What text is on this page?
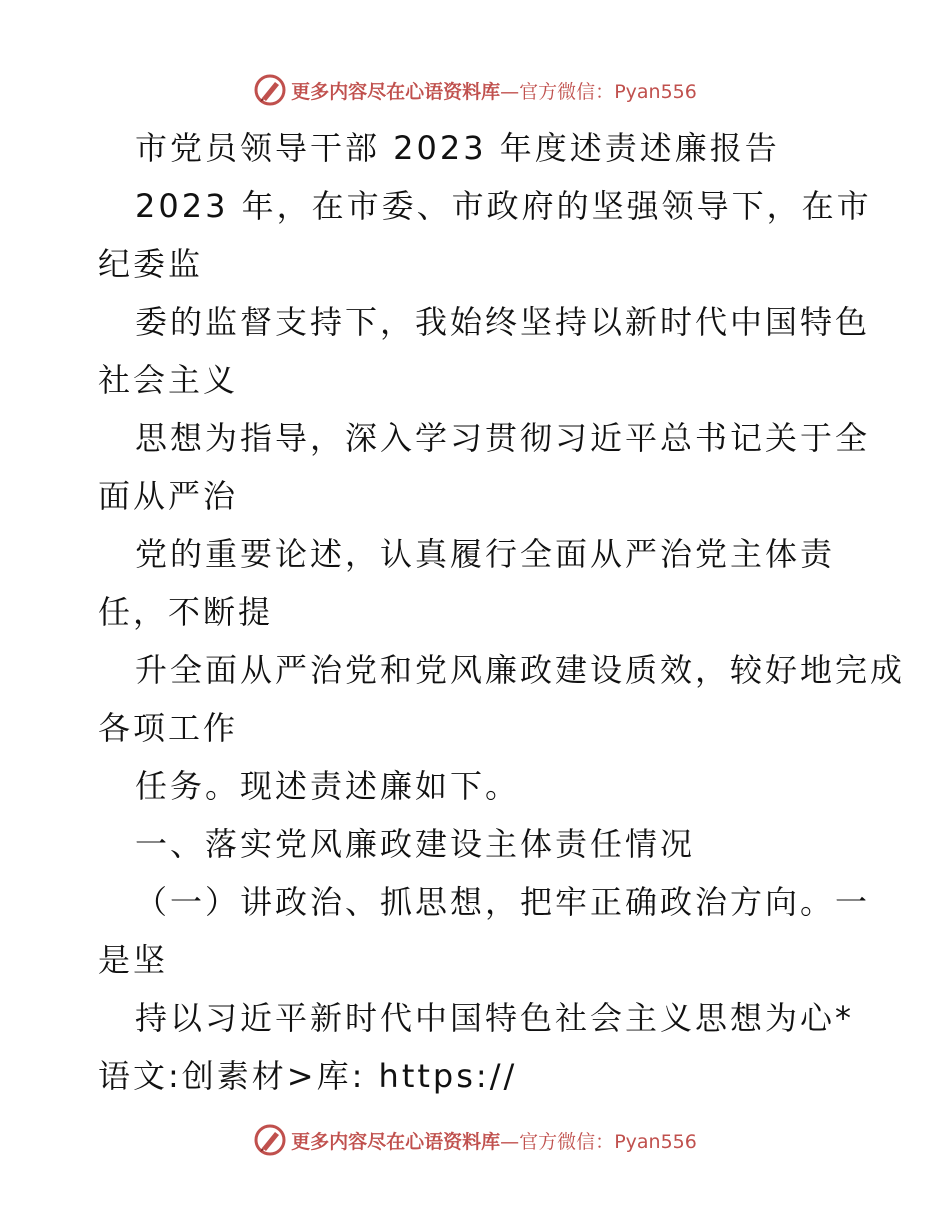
更多内容尽在心语资料库—官方微信：Pyan556
市党员领导干部 2023 年度述责述廉报告
2023 年，在市委、市政府的坚强领导下，在市
纪委监
委的监督支持下，我始终坚持以新时代中国特色
社会主义
思想为指导，深入学习贯彻习近平总书记关于全
面从严治
党的重要论述，认真履行全面从严治党主体责
任，不断提
升全面从严治党和党风廉政建设质效，较好地完成
各项工作
任务。现述责述廉如下。
一、落实党风廉政建设主体责任情况
（一）讲政治、抓思想，把牢正确政治方向。一
是坚
持以习近平新时代中国特色社会主义思想为心*
语文:创素材>库: https://
更多内容尽在心语资料库—官方微信：Pyan556
